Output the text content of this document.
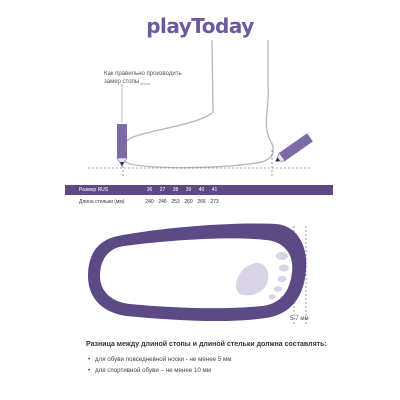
playToday
Как правильно производить замер стопы
Размер RUS	36	27	38	39	40	41
Длина стельки (мм)	240 246 253 260 266 273
5-7 мм
Разница между длиной стопы и длиной стельки должна составлять:
• для обуви повседневной носки - не менее 5 мм
• для спортивной обуви – не менее 10 мм
